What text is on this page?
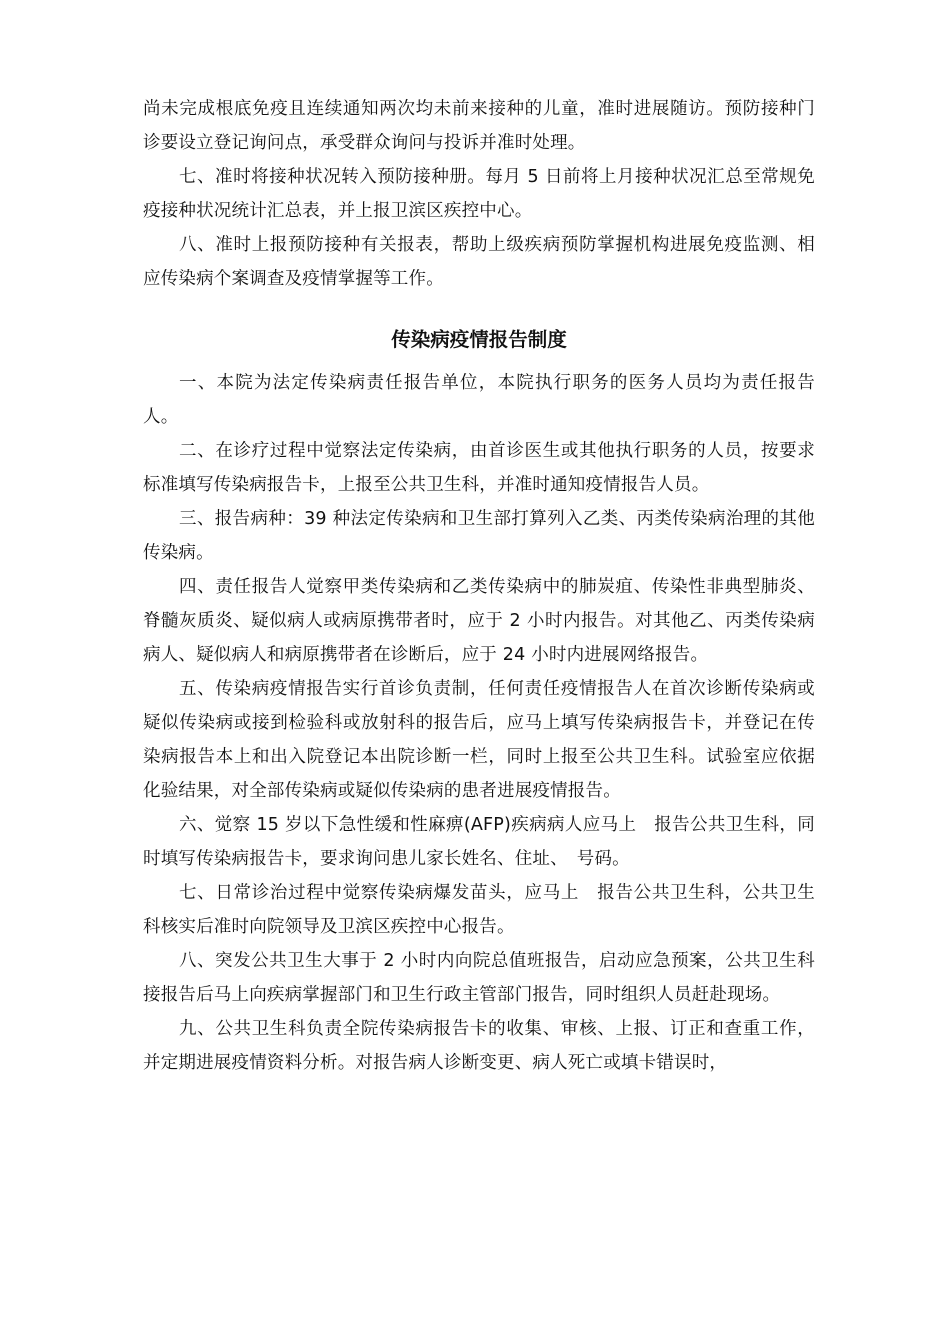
尚未完成根底免疫且连续通知两次均未前来接种的儿童，准时进展随访。预防接种门诊要设立登记询问点，承受群众询问与投诉并准时处理。

七、准时将接种状况转入预防接种册。每月 5 日前将上月接种状况汇总至常规免疫接种状况统计汇总表，并上报卫滨区疾控中心。

八、准时上报预防接种有关报表，帮助上级疾病预防掌握机构进展免疫监测、相应传染病个案调查及疫情掌握等工作。

传染病疫情报告制度

一、本院为法定传染病责任报告单位，本院执行职务的医务人员均为责任报告人。

二、在诊疗过程中觉察法定传染病，由首诊医生或其他执行职务的人员，按要求标准填写传染病报告卡，上报至公共卫生科，并准时通知疫情报告人员。

三、报告病种：39 种法定传染病和卫生部打算列入乙类、丙类传染病治理的其他传染病。

四、责任报告人觉察甲类传染病和乙类传染病中的肺炭疽、传染性非典型肺炎、脊髓灰质炎、疑似病人或病原携带者时，应于 2 小时内报告。对其他乙、丙类传染病病人、疑似病人和病原携带者在诊断后，应于 24 小时内进展网络报告。

五、传染病疫情报告实行首诊负责制，任何责任疫情报告人在首次诊断传染病或疑似传染病或接到检验科或放射科的报告后，应马上填写传染病报告卡，并登记在传染病报告本上和出入院登记本出院诊断一栏，同时上报至公共卫生科。试验室应依据化验结果，对全部传染病或疑似传染病的患者进展疫情报告。

六、觉察 15 岁以下急性缓和性麻痹(AFP)疾病病人应马上　报告公共卫生科，同时填写传染病报告卡，要求询问患儿家长姓名、住址、　号码。

七、日常诊治过程中觉察传染病爆发苗头，应马上　报告公共卫生科，公共卫生科核实后准时向院领导及卫滨区疾控中心报告。

八、突发公共卫生大事于 2 小时内向院总值班报告，启动应急预案，公共卫生科接报告后马上向疾病掌握部门和卫生行政主管部门报告，同时组织人员赶赴现场。

九、公共卫生科负责全院传染病报告卡的收集、审核、上报、订正和查重工作，并定期进展疫情资料分析。对报告病人诊断变更、病人死亡或填卡错误时，
